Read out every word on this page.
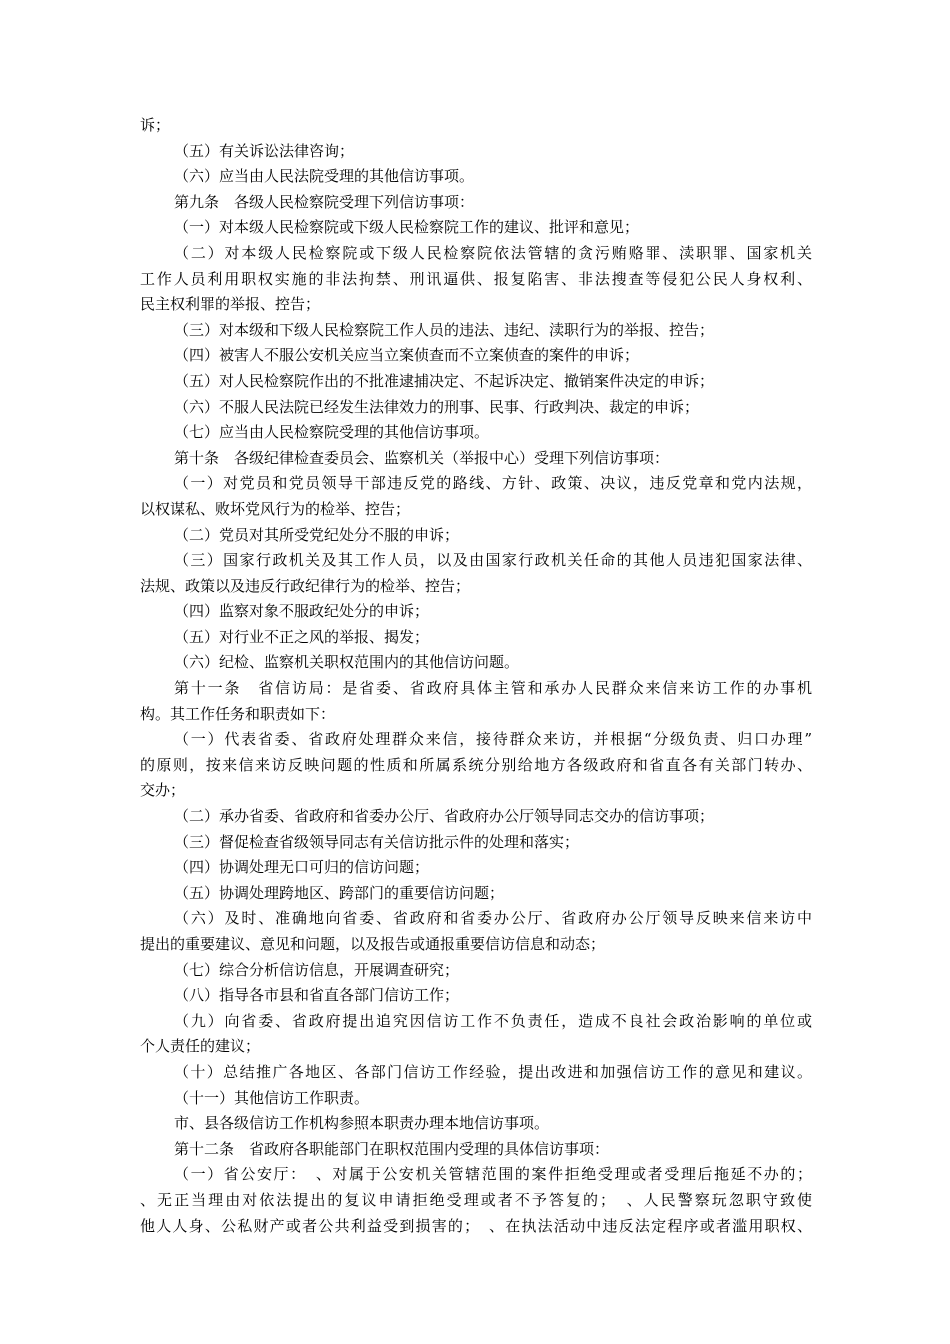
诉；
（五）有关诉讼法律咨询；
（六）应当由人民法院受理的其他信访事项。
第九条　各级人民检察院受理下列信访事项：
（一）对本级人民检察院或下级人民检察院工作的建议、批评和意见；
（二）对本级人民检察院或下级人民检察院依法管辖的贪污贿赂罪、渎职罪、国家机关
工作人员利用职权实施的非法拘禁、刑讯逼供、报复陷害、非法搜查等侵犯公民人身权利、
民主权利罪的举报、控告；
（三）对本级和下级人民检察院工作人员的违法、违纪、渎职行为的举报、控告；
（四）被害人不服公安机关应当立案侦查而不立案侦查的案件的申诉；
（五）对人民检察院作出的不批准逮捕决定、不起诉决定、撤销案件决定的申诉；
（六）不服人民法院已经发生法律效力的刑事、民事、行政判决、裁定的申诉；
（七）应当由人民检察院受理的其他信访事项。
第十条　各级纪律检查委员会、监察机关（举报中心）受理下列信访事项：
（一）对党员和党员领导干部违反党的路线、方针、政策、决议，违反党章和党内法规，
以权谋私、败坏党风行为的检举、控告；
（二）党员对其所受党纪处分不服的申诉；
（三）国家行政机关及其工作人员，以及由国家行政机关任命的其他人员违犯国家法律、
法规、政策以及违反行政纪律行为的检举、控告；
（四）监察对象不服政纪处分的申诉；
（五）对行业不正之风的举报、揭发；
（六）纪检、监察机关职权范围内的其他信访问题。
第十一条　省信访局：是省委、省政府具体主管和承办人民群众来信来访工作的办事机
构。其工作任务和职责如下：
（一）代表省委、省政府处理群众来信，接待群众来访，并根据“分级负责、归口办理”
的原则，按来信来访反映问题的性质和所属系统分别给地方各级政府和省直各有关部门转办、
交办；
（二）承办省委、省政府和省委办公厅、省政府办公厅领导同志交办的信访事项；
（三）督促检查省级领导同志有关信访批示件的处理和落实；
（四）协调处理无口可归的信访问题；
（五）协调处理跨地区、跨部门的重要信访问题；
（六）及时、准确地向省委、省政府和省委办公厅、省政府办公厅领导反映来信来访中
提出的重要建议、意见和问题，以及报告或通报重要信访信息和动态；
（七）综合分析信访信息，开展调查研究；
（八）指导各市县和省直各部门信访工作；
（九）向省委、省政府提出追究因信访工作不负责任，造成不良社会政治影响的单位或
个人责任的建议；
（十）总结推广各地区、各部门信访工作经验，提出改进和加强信访工作的意见和建议。
（十一）其他信访工作职责。
市、县各级信访工作机构参照本职责办理本地信访事项。
第十二条　省政府各职能部门在职权范围内受理的具体信访事项：
（一）省公安厅：　、对属于公安机关管辖范围的案件拒绝受理或者受理后拖延不办的；
、无正当理由对依法提出的复议申请拒绝受理或者不予答复的；　、人民警察玩忽职守致使
他人人身、公私财产或者公共利益受到损害的；　、在执法活动中违反法定程序或者滥用职权、
